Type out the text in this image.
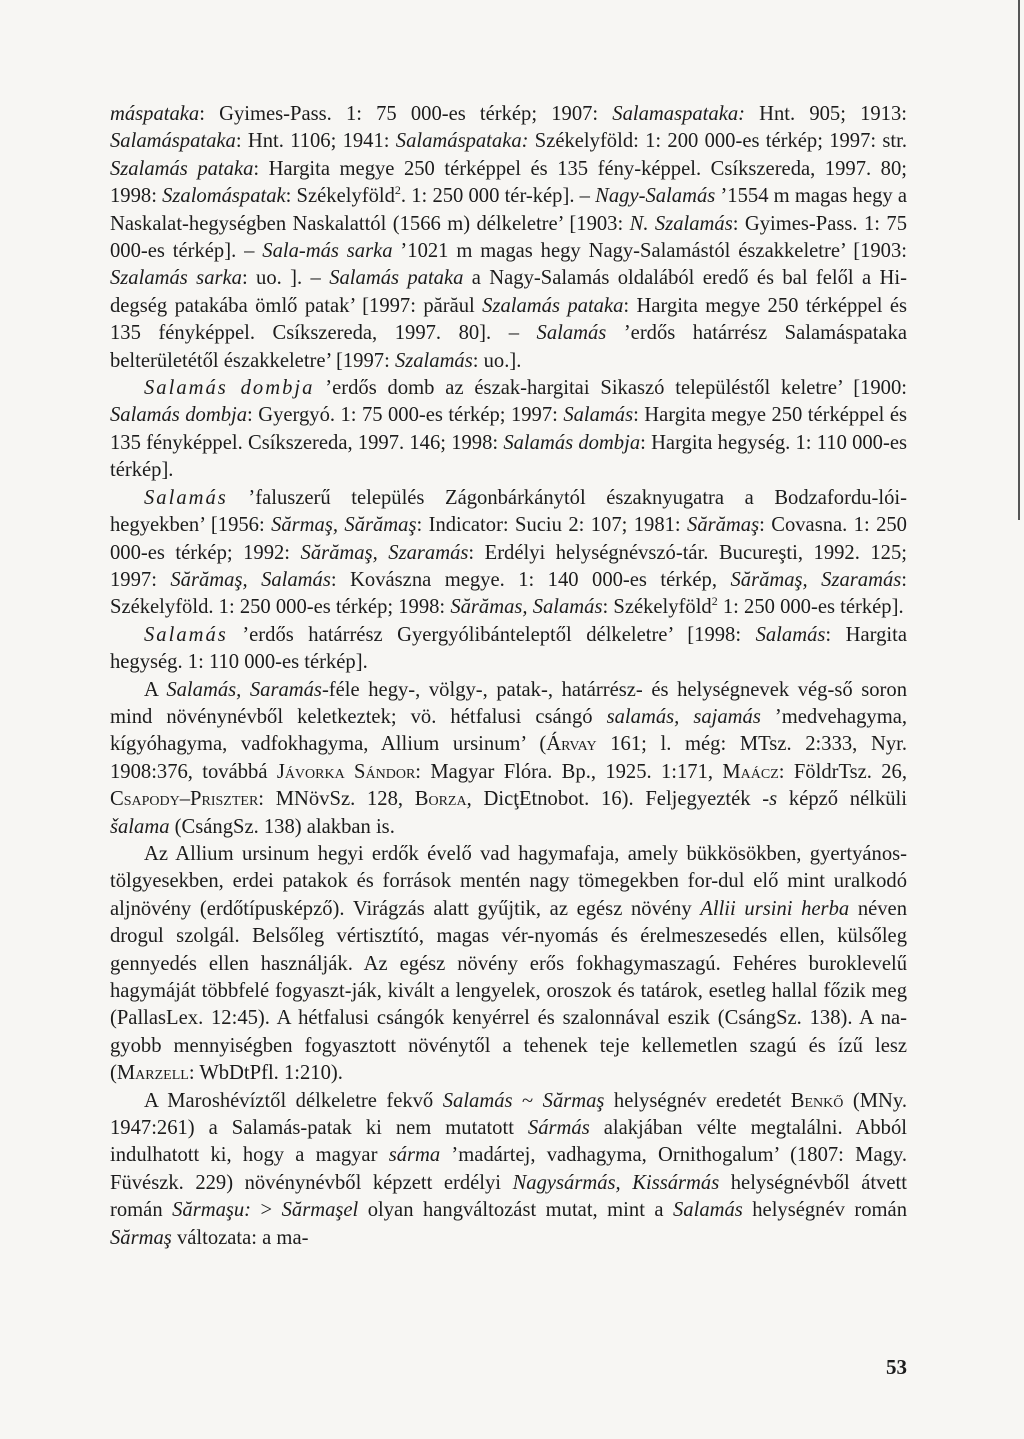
máspataka: Gyimes-Pass. 1: 75 000-es térkép; 1907: Salamaspataka: Hnt. 905; 1913: Salamáspataka: Hnt. 1106; 1941: Salamáspataka: Székelyföld: 1: 200 000-es térkép; 1997: str. Szalamás pataka: Hargita megye 250 térképpel és 135 fény-képpel. Csíkszereda, 1997. 80; 1998: Szalomáspatak: Székelyföld$^2$. 1: 250 000 tér-kép]. – Nagy-Salamás ’1554 m magas hegy a Naskalat-hegységben Naskalattól (1566 m) délkeletre’ [1903: N. Szalamás: Gyimes-Pass. 1: 75 000-es térkép]. – Sala-más sarka ’1021 m magas hegy Nagy-Salamástól északkeletre’ [1903: Szalamás sarka: uo. ]. – Salamás pataka a Nagy-Salamás oldalából eredő és bal felől a Hi-degség patakába ömlő patak’ [1997: părăul Szalamás pataka: Hargita megye 250 térképpel és 135 fényképpel. Csíkszereda, 1997. 80]. – Salamás ’erdős határrész Salamáspataka belterületétől északkeletre’ [1997: Szalamás: uo.].

Salamás dombja ’erdős domb az észak-hargitai Sikaszó településtől keletre’ [1900: Salamás dombja: Gyergyó. 1: 75 000-es térkép; 1997: Salamás: Hargita megye 250 térképpel és 135 fényképpel. Csíkszereda, 1997. 146; 1998: Salamás dombja: Hargita hegység. 1: 110 000-es térkép].

Salamás ’faluszerű település Zágonbárkánytól északnyugatra a Bodzafordu-lói-hegyekben’ [1956: Sărmaş, Sărămaş: Indicator: Suciu 2: 107; 1981: Sărămaş: Covasna. 1: 250 000-es térkép; 1992: Sărămaş, Szaramás: Erdélyi helységnévszó-tár. Bucureşti, 1992. 125; 1997: Sărămaş, Salamás: Kovászna megye. 1: 140 000-es térkép, Sărămaş, Szaramás: Székelyföld. 1: 250 000-es térkép; 1998: Sărămas, Salamás: Székelyföld$^2$ 1: 250 000-es térkép].

Salamás ’erdős határrész Gyergyólibánteleptől délkeletre’ [1998: Salamás: Hargita hegység. 1: 110 000-es térkép].

A Salamás, Saramás-féle hegy-, völgy-, patak-, határrész- és helységnevek vég-ső soron mind növénynévből keletkeztek; vö. hétfalusi csángó salamás, sajamás ’medvehagyma, kígyóhagyma, vadfokhagyma, Allium ursinum’ (Árvay 161; l. még: MTsz. 2:333, Nyr. 1908:376, továbbá Jávorka Sándor: Magyar Flóra. Bp., 1925. 1:171, Maácz: FöldrTsz. 26, Csapody–Priszter: MNövSz. 128, Borza, DicţEtnobot. 16). Feljegyezték -s képző nélküli šalama (CsángSz. 138) alakban is.

Az Allium ursinum hegyi erdők évelő vad hagymafaja, amely bükkösökben, gyertyános-tölgyesekben, erdei patakok és források mentén nagy tömegekben for-dul elő mint uralkodó aljnövény (erdőtípusképző). Virágzás alatt gyűjtik, az egész növény Allii ursini herba néven drogul szolgál. Belsőleg vértisztító, magas vér-nyomás és érelmeszesedés ellen, külsőleg gennyedés ellen használják. Az egész növény erős fokhagymaszagú. Fehéres buroklevelű hagymáját többfelé fogyaszt-ják, kivált a lengyelek, oroszok és tatárok, esetleg hallal főzik meg (PallasLex. 12:45). A hétfalusi csángók kenyérrel és szalonnával eszik (CsángSz. 138). A na-gyobb mennyiségben fogyasztott növénytől a tehenek teje kellemetlen szagú és ízű lesz (Marzell: WbDtPfl. 1:210).

A Maroshévíztől délkeletre fekvő Salamás ~ Sărmaş helységnév eredetét Benkő (MNy. 1947:261) a Salamás-patak ki nem mutatott Sármás alakjában vélte megtalálni. Abból indulhatott ki, hogy a magyar sárma ’madártej, vadhagyma, Ornithogalum’ (1807: Magy. Füvészk. 229) növénynévből képzett erdélyi Nagysármás, Kissármás helységnévből átvett román Sărmaşu: > Sărmaşel olyan hangváltozást mutat, mint a Salamás helységnév román Sărmaş változata: a ma-

53
